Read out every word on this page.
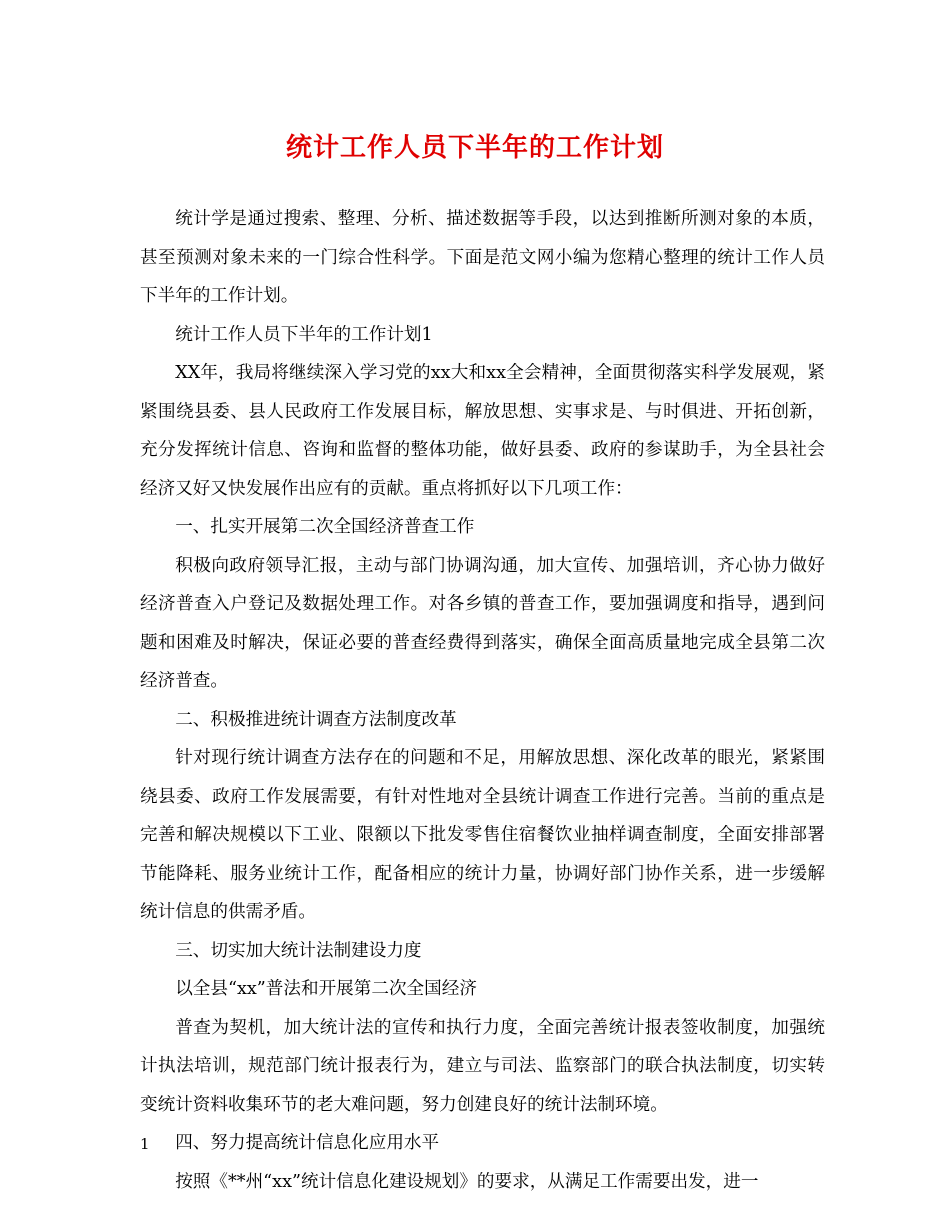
统计工作人员下半年的工作计划

统计学是通过搜索、整理、分析、描述数据等手段，以达到推断所测对象的本质，甚至预测对象未来的一门综合性科学。下面是范文网小编为您精心整理的统计工作人员下半年的工作计划。

统计工作人员下半年的工作计划1

XX年，我局将继续深入学习党的xx大和xx全会精神，全面贯彻落实科学发展观，紧紧围绕县委、县人民政府工作发展目标，解放思想、实事求是、与时俱进、开拓创新，充分发挥统计信息、咨询和监督的整体功能，做好县委、政府的参谋助手，为全县社会经济又好又快发展作出应有的贡献。重点将抓好以下几项工作：

一、扎实开展第二次全国经济普查工作

积极向政府领导汇报，主动与部门协调沟通，加大宣传、加强培训，齐心协力做好经济普查入户登记及数据处理工作。对各乡镇的普查工作，要加强调度和指导，遇到问题和困难及时解决，保证必要的普查经费得到落实，确保全面高质量地完成全县第二次经济普查。

二、积极推进统计调查方法制度改革

针对现行统计调查方法存在的问题和不足，用解放思想、深化改革的眼光，紧紧围绕县委、政府工作发展需要，有针对性地对全县统计调查工作进行完善。当前的重点是完善和解决规模以下工业、限额以下批发零售住宿餐饮业抽样调查制度，全面安排部署节能降耗、服务业统计工作，配备相应的统计力量，协调好部门协作关系，进一步缓解统计信息的供需矛盾。

三、切实加大统计法制建设力度

以全县“xx”普法和开展第二次全国经济

普查为契机，加大统计法的宣传和执行力度，全面完善统计报表签收制度，加强统计执法培训，规范部门统计报表行为，建立与司法、监察部门的联合执法制度，切实转变统计资料收集环节的老大难问题，努力创建良好的统计法制环境。

四、努力提高统计信息化应用水平

按照《**州“xx”统计信息化建设规划》的要求，从满足工作需要出发，进一

1
